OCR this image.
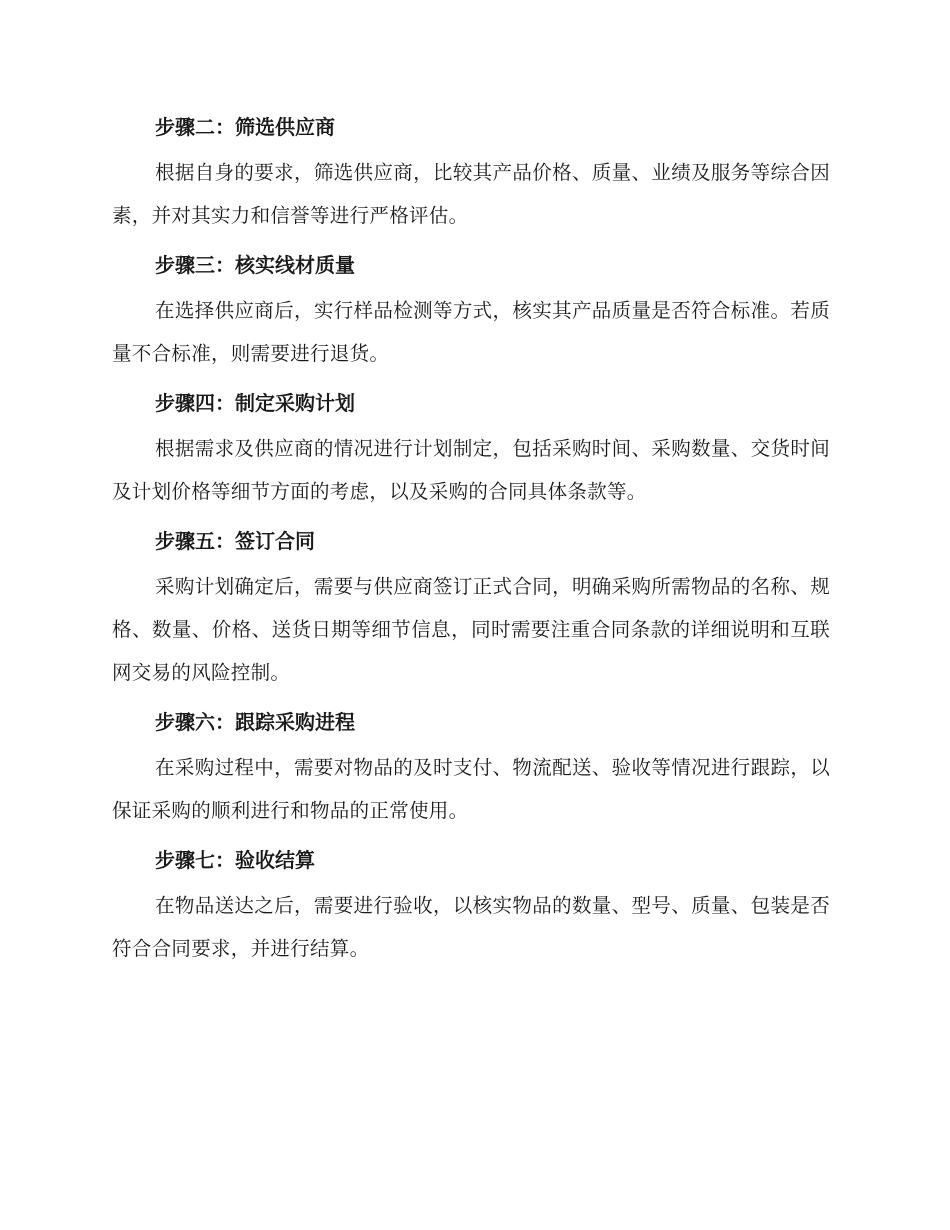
步骤二：筛选供应商

根据自身的要求，筛选供应商，比较其产品价格、质量、业绩及服务等综合因素，并对其实力和信誉等进行严格评估。

步骤三：核实线材质量

在选择供应商后，实行样品检测等方式，核实其产品质量是否符合标准。若质量不合标准，则需要进行退货。

步骤四：制定采购计划

根据需求及供应商的情况进行计划制定，包括采购时间、采购数量、交货时间及计划价格等细节方面的考虑，以及采购的合同具体条款等。

步骤五：签订合同

采购计划确定后，需要与供应商签订正式合同，明确采购所需物品的名称、规格、数量、价格、送货日期等细节信息，同时需要注重合同条款的详细说明和互联网交易的风险控制。

步骤六：跟踪采购进程

在采购过程中，需要对物品的及时支付、物流配送、验收等情况进行跟踪，以保证采购的顺利进行和物品的正常使用。

步骤七：验收结算

在物品送达之后，需要进行验收，以核实物品的数量、型号、质量、包装是否符合合同要求，并进行结算。
